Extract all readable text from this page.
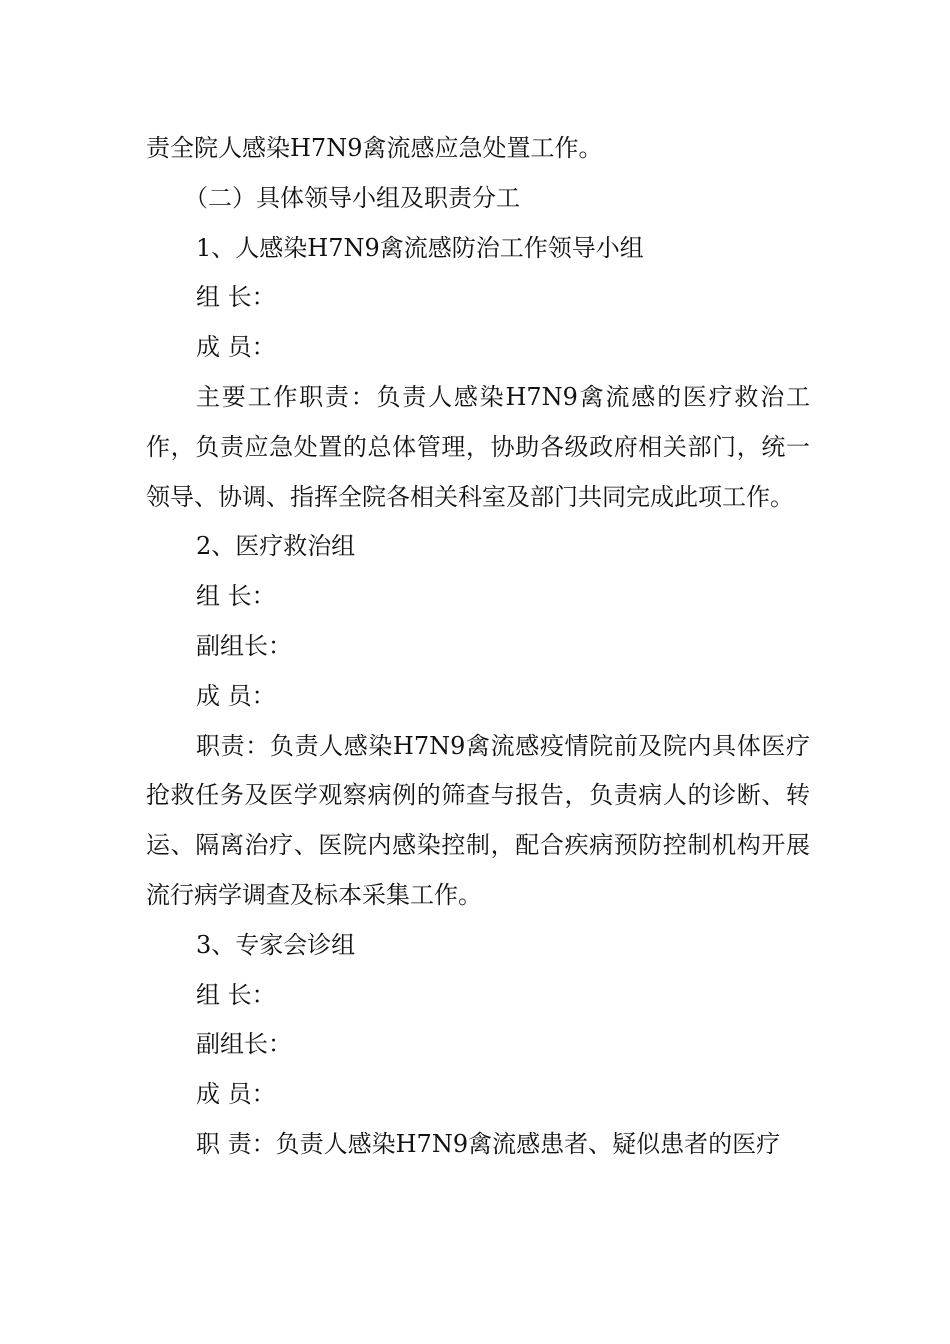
责全院人感染H7N9禽流感应急处置工作。
（二）具体领导小组及职责分工
1、人感染H7N9禽流感防治工作领导小组
组 长：
成 员：
主要工作职责：负责人感染H7N9禽流感的医疗救治工作，负责应急处置的总体管理，协助各级政府相关部门，统一领导、协调、指挥全院各相关科室及部门共同完成此项工作。
2、医疗救治组
组 长：
副组长：
成 员：
职责：负责人感染H7N9禽流感疫情院前及院内具体医疗抢救任务及医学观察病例的筛查与报告，负责病人的诊断、转运、隔离治疗、医院内感染控制，配合疾病预防控制机构开展流行病学调查及标本采集工作。
3、专家会诊组
组 长：
副组长：
成 员：
职 责：负责人感染H7N9禽流感患者、疑似患者的医疗
